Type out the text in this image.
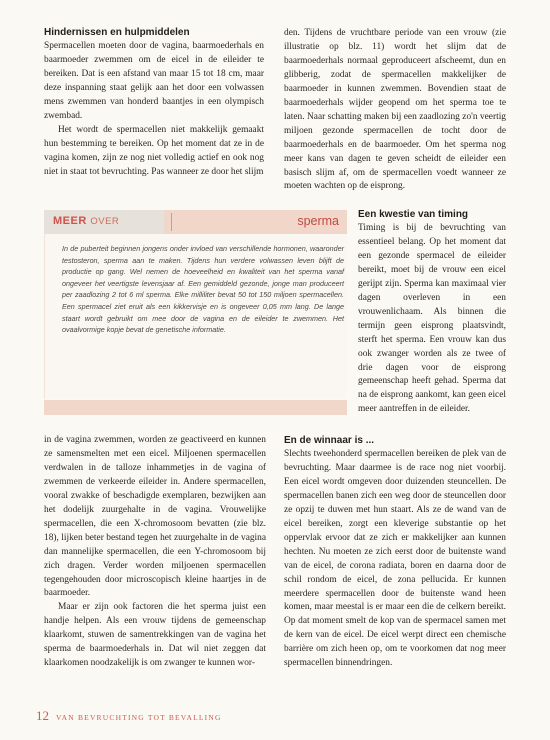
Hindernissen en hulpmiddelen

Spermacellen moeten door de vagina, baarmoederhals en baarmoeder zwemmen om de eicel in de eileider te bereiken. Dat is een afstand van maar 15 tot 18 cm, maar deze inspanning staat gelijk aan het door een volwassen mens zwemmen van honderd baantjes in een olympisch zwembad.

Het wordt de spermacellen niet makkelijk gemaakt hun bestemming te bereiken. Op het moment dat ze in de vagina komen, zijn ze nog niet volledig actief en ook nog niet in staat tot bevruchting. Pas wanneer ze door het slijm

den. Tijdens de vruchtbare periode van een vrouw (zie illustratie op blz. 11) wordt het slijm dat de baarmoederhals normaal geproduceert afscheemt, dun en glibberig, zodat de spermacellen makkelijker de baarmoeder in kunnen zwemmen. Bovendien staat de baarmoederhals wijder geopend om het sperma toe te laten. Naar schatting maken bij een zaadlozing zo'n veertig miljoen gezonde spermacellen de tocht door de baarmoederhals en de baarmoeder. Om het sperma nog meer kans van dagen te geven scheidt de eileider een basisch slijm af, om de spermacellen voedt wanneer ze moeten wachten op de eisprong.

MEER OVER	sperma

In de puberteit beginnen jongens onder invloed van verschillende hormonen, waaronder testosteron, sperma aan te maken. Tijdens hun verdere volwassen leven blijft de productie op gang. Wel nemen de hoeveelheid en kwaliteit van het sperma vanaf ongeveer het veertigste levensjaar af. Een gemiddeld gezonde, jonge man produceert per zaadlozing 2 tot 6 ml sperma. Elke milliliter bevat 50 tot 150 miljoen spermacellen. Een spermacel ziet eruit als een kikkervisje en is ongeveer 0,05 mm lang. De lange staart wordt gebruikt om mee door de vagina en de eileider te zwemmen. Het ovaalvormige kopje bevat de genetische informatie.

Een kwestie van timing

Timing is bij de bevruchting van essentieel belang. Op het moment dat een gezonde spermacel de eileider bereikt, moet bij de vrouw een eicel gerijpt zijn. Sperma kan maximaal vier dagen overleven in een vrouwenlichaam. Als binnen die termijn geen eisprong plaatsvindt, sterft het sperma. Een vrouw kan dus ook zwanger worden als ze twee of drie dagen voor de eisprong gemeenschap heeft gehad. Sperma dat na de eisprong aankomt, kan geen eicel meer aantreffen in de eileider.

in de vagina zwemmen, worden ze geactiveerd en kunnen ze samensmelten met een eicel. Miljoenen spermacellen verdwalen in de talloze inhammetjes in de vagina of zwemmen de verkeerde eileider in. Andere spermacellen, vooral zwakke of beschadigde exemplaren, bezwijken aan het dodelijk zuurgehalte in de vagina. Vrouwelijke spermacellen, die een X-chromosoom bevatten (zie blz. 18), lijken beter bestand tegen het zuurgehalte in de vagina dan mannelijke spermacellen, die een Y-chromosoom bij zich dragen. Verder worden miljoenen spermacellen tegengehouden door microscopisch kleine haartjes in de baarmoeder.

Maar er zijn ook factoren die het sperma juist een handje helpen. Als een vrouw tijdens de gemeenschap klaarkomt, stuwen de samentrekkingen van de vagina het sperma de baarmoederhals in. Dat wil niet zeggen dat klaarkomen noodzakelijk is om zwanger te kunnen wor-

En de winnaar is ...

Slechts tweehonderd spermacellen bereiken de plek van de bevruchting. Maar daarmee is de race nog niet voorbij. Een eicel wordt omgeven door duizenden steuncellen. De spermacellen banen zich een weg door de steuncellen door ze opzij te duwen met hun staart. Als ze de wand van de eicel bereiken, zorgt een kleverige substantie op het oppervlak ervoor dat ze zich er makkelijker aan kunnen hechten. Nu moeten ze zich eerst door de buitenste wand van de eicel, de corona radiata, boren en daarna door de schil rondom de eicel, de zona pellucida. Er kunnen meerdere spermacellen door de buitenste wand heen komen, maar meestal is er maar een die de celkern bereikt. Op dat moment smelt de kop van de spermacel samen met de kern van de eicel. De eicel werpt direct een chemische barrière om zich heen op, om te voorkomen dat nog meer spermacellen binnendringen.

12 VAN BEVRUCHTING TOT BEVALLING
